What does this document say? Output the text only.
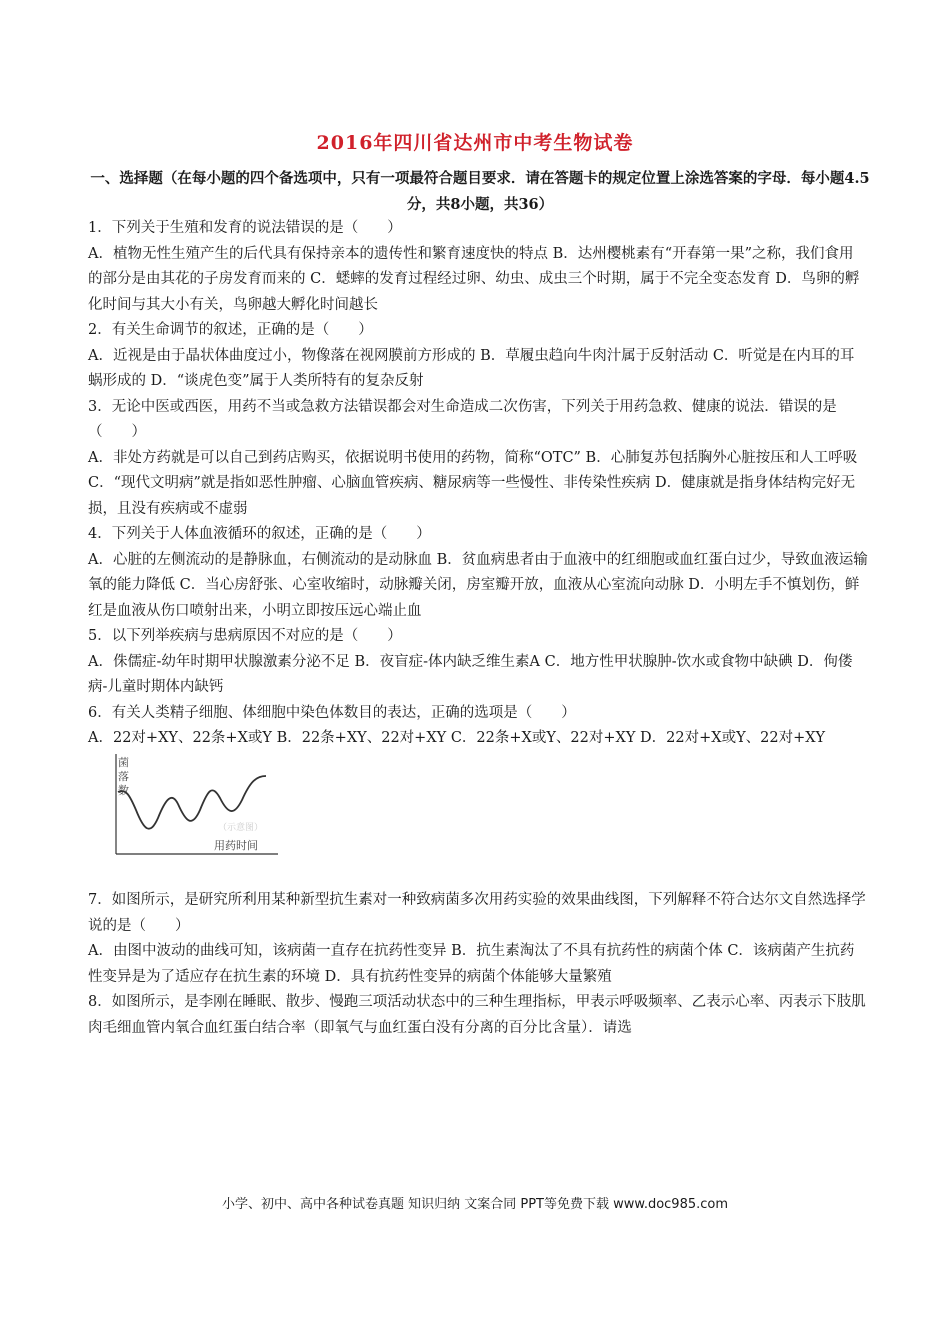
2016年四川省达州市中考生物试卷
一、选择题（在每小题的四个备选项中，只有一项最符合题目要求．请在答题卡的规定位置上涂选答案的字母．每小题4.5分，共8小题，共36）

1．下列关于生殖和发育的说法错误的是（　　）

A．植物无性生殖产生的后代具有保持亲本的遗传性和繁育速度快的特点 B．达州樱桃素有“开春第一果”之称，我们食用的部分是由其花的子房发育而来的 C．蟋蟀的发育过程经过卵、幼虫、成虫三个时期，属于不完全变态发育 D．鸟卵的孵化时间与其大小有关，鸟卵越大孵化时间越长

2．有关生命调节的叙述，正确的是（　　）

A．近视是由于晶状体曲度过小，物像落在视网膜前方形成的 B．草履虫趋向牛肉汁属于反射活动 C．听觉是在内耳的耳蜗形成的 D．“谈虎色变”属于人类所特有的复杂反射

3．无论中医或西医，用药不当或急救方法错误都会对生命造成二次伤害，下列关于用药急救、健康的说法．错误的是（　　）

A．非处方药就是可以自己到药店购买，依据说明书使用的药物，简称“OTC” B．心肺复苏包括胸外心脏按压和人工呼吸 C．“现代文明病”就是指如恶性肿瘤、心脑血管疾病、糖尿病等一些慢性、非传染性疾病 D．健康就是指身体结构完好无损，且没有疾病或不虚弱

4．下列关于人体血液循环的叙述，正确的是（　　）

A．心脏的左侧流动的是静脉血，右侧流动的是动脉血 B．贫血病患者由于血液中的红细胞或血红蛋白过少，导致血液运输氧的能力降低 C．当心房舒张、心室收缩时，动脉瓣关闭，房室瓣开放，血液从心室流向动脉 D．小明左手不慎划伤，鲜红是血液从伤口喷射出来，小明立即按压远心端止血

5．以下列举疾病与患病原因不对应的是（　　）

A．侏儒症-幼年时期甲状腺激素分泌不足 B．夜盲症-体内缺乏维生素A C．地方性甲状腺肿-饮水或食物中缺碘 D．佝偻病-儿童时期体内缺钙

6．有关人类精子细胞、体细胞中染色体数目的表达，正确的选项是（　　）

A．22对+XY、22条+X或Y B．22条+XY、22对+XY C．22条+X或Y、22对+XY D．22对+X或Y、22对+XY

菌 落 数
（示意图）
用药时间

7．如图所示，是研究所利用某种新型抗生素对一种致病菌多次用药实验的效果曲线图，下列解释不符合达尔文自然选择学说的是（　　）

A．由图中波动的曲线可知，该病菌一直存在抗药性变异 B．抗生素淘汰了不具有抗药性的病菌个体 C．该病菌产生抗药性变异是为了适应存在抗生素的环境 D．具有抗药性变异的病菌个体能够大量繁殖

8．如图所示，是李刚在睡眠、散步、慢跑三项活动状态中的三种生理指标，甲表示呼吸频率、乙表示心率、丙表示下肢肌肉毛细血管内氧合血红蛋白结合率（即氧气与血红蛋白没有分离的百分比含量）．请选

小学、初中、高中各种试卷真题 知识归纳 文案合同 PPT等免费下载 www.doc985.com
